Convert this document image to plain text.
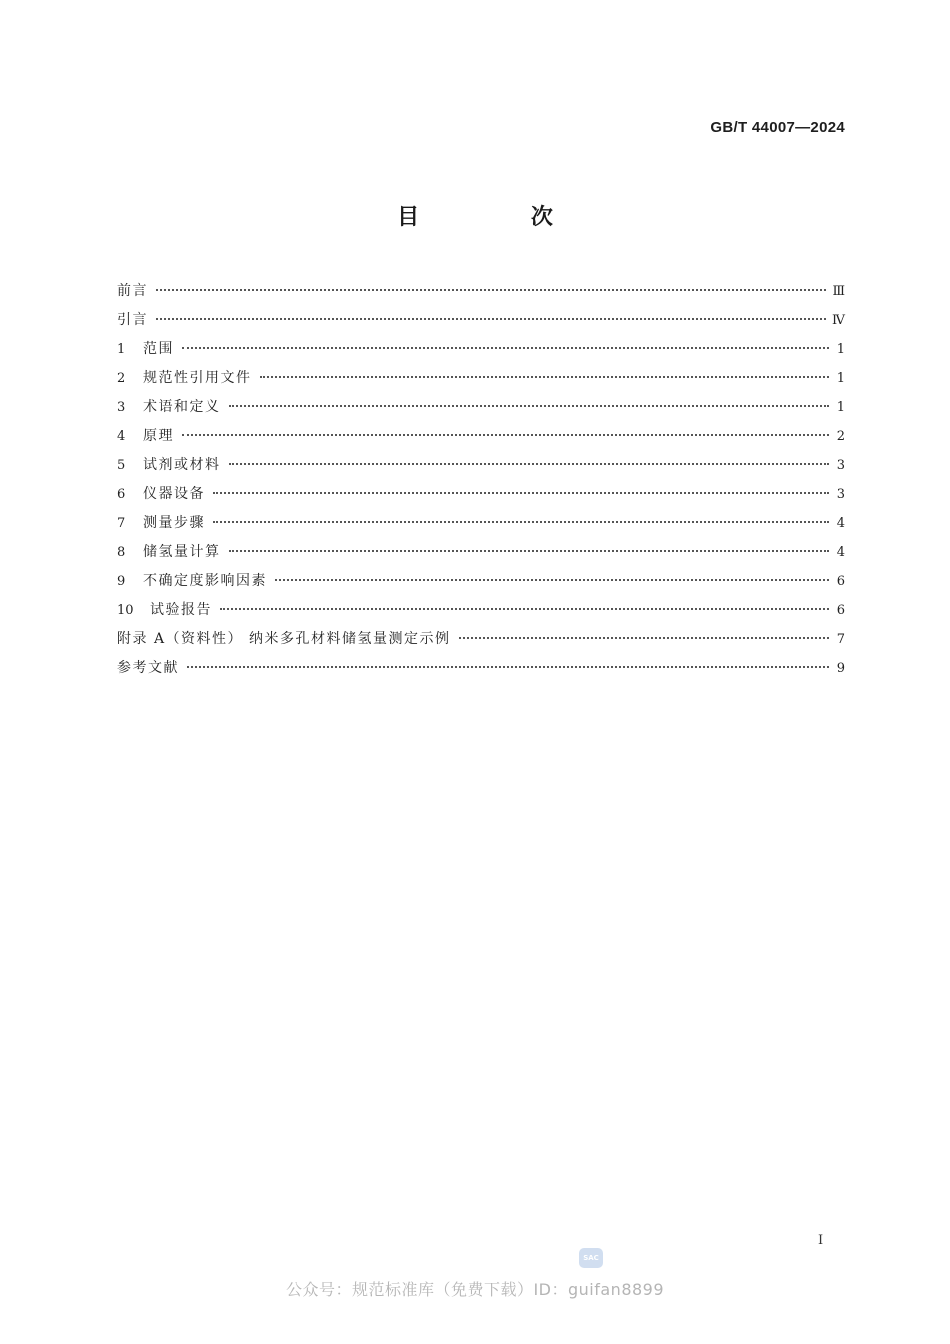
GB/T 44007—2024
目 次
前言	Ⅲ
引言	Ⅳ
1	范围	1
2	规范性引用文件	1
3	术语和定义	1
4	原理	2
5	试剂或材料	3
6	仪器设备	3
7	测量步骤	4
8	储氢量计算	4
9	不确定度影响因素	6
10	试验报告	6
附录 A（资料性） 纳米多孔材料储氢量测定示例	7
参考文献	9
I
SAC
公众号：规范标准库（免费下载）ID：guifan8899
